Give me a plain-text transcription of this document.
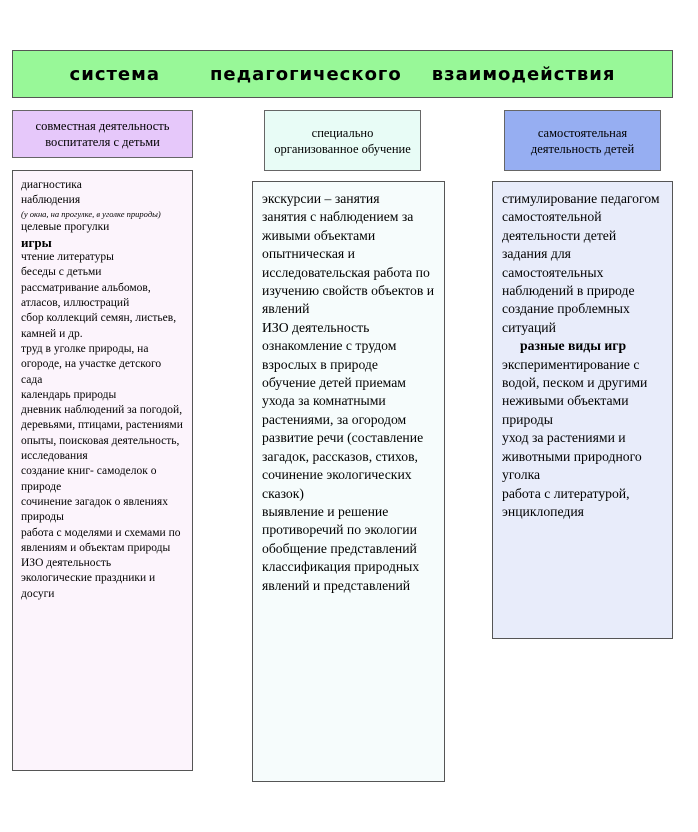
система	педагогического взаимодействия
совместная деятельность воспитателя с детьми
специально организованное обучение
самостоятельная деятельность детей
диагностика
наблюдения
(у окна, на прогулке, в уголке природы)
целевые прогулки
игры
чтение литературы
беседы с детьми
рассматривание альбомов, атласов, иллюстраций
сбор коллекций семян, листьев, камней и др.
труд в уголке природы, на огороде, на участке детского сада
календарь природы
дневник наблюдений за погодой, деревьями, птицами, растениями
опыты, поисковая деятельность, исследования
создание книг- самоделок о природе
сочинение загадок о явлениях природы
работа с моделями и схемами по явлениям и объектам природы
ИЗО деятельность
экологические праздники и досуги
экскурсии – занятия
занятия с наблюдением за живыми объектами
опытническая и исследовательская работа по изучению свойств объектов и явлений
ИЗО деятельность
ознакомление с трудом взрослых в природе
обучение детей приемам ухода за комнатными растениями, за огородом
развитие речи (составление загадок, рассказов, стихов, сочинение экологических сказок)
выявление и решение противоречий по экологии
обобщение представлений
классификация природных явлений и представлений
стимулирование педагогом самостоятельной деятельности детей
задания для самостоятельных наблюдений в природе
создание проблемных ситуаций
разные виды игр
экспериментирование с водой, песком и другими неживыми объектами природы
уход за растениями и животными природного уголка
работа с литературой, энциклопедия
